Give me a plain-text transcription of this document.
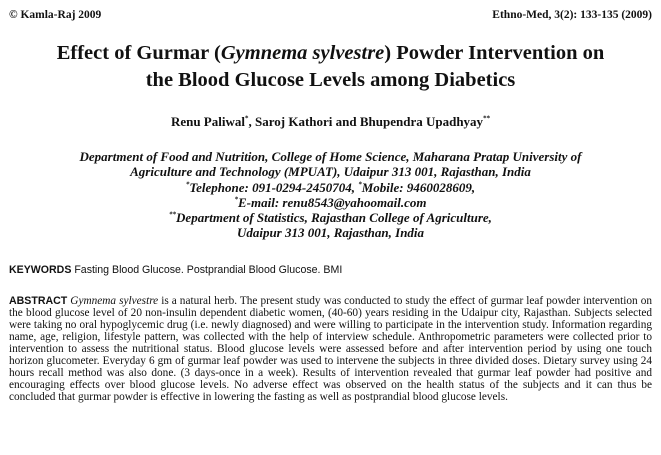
© Kamla-Raj 2009	Ethno-Med, 3(2): 133-135 (2009)
Effect of Gurmar (Gymnema sylvestre) Powder Intervention on
the Blood Glucose Levels among Diabetics
Renu Paliwal*, Saroj Kathori and Bhupendra Upadhyay**
Department of Food and Nutrition, College of Home Science, Maharana Pratap University of
Agriculture and Technology (MPUAT), Udaipur 313 001, Rajasthan, India
*Telephone: 091-0294-2450704, *Mobile: 9460028609,
*E-mail: renu8543@yahoomail.com
**Department of Statistics, Rajasthan College of Agriculture,
Udaipur 313 001, Rajasthan, India
KEYWORDS Fasting Blood Glucose. Postprandial Blood Glucose. BMI
ABSTRACT Gymnema sylvestre is a natural herb. The present study was conducted to study the effect of gurmar leaf powder intervention on the blood glucose level of 20 non-insulin dependent diabetic women, (40-60) years residing in the Udaipur city, Rajasthan. Subjects selected were taking no oral hypoglycemic drug (i.e. newly diagnosed) and were willing to participate in the intervention study. Information regarding name, age, religion, lifestyle pattern, was collected with the help of interview schedule. Anthropometric parameters were collected prior to intervention to assess the nutritional status. Blood glucose levels were assessed before and after intervention period by using one touch horizon glucometer. Everyday 6 gm of gurmar leaf powder was used to intervene the subjects in three divided doses. Dietary survey using 24 hours recall method was also done. (3 days-once in a week). Results of intervention revealed that gurmar leaf powder had positive and encouraging effects over blood glucose levels. No adverse effect was observed on the health status of the subjects and it can thus be concluded that gurmar powder is effective in lowering the fasting as well as postprandial blood glucose levels.
